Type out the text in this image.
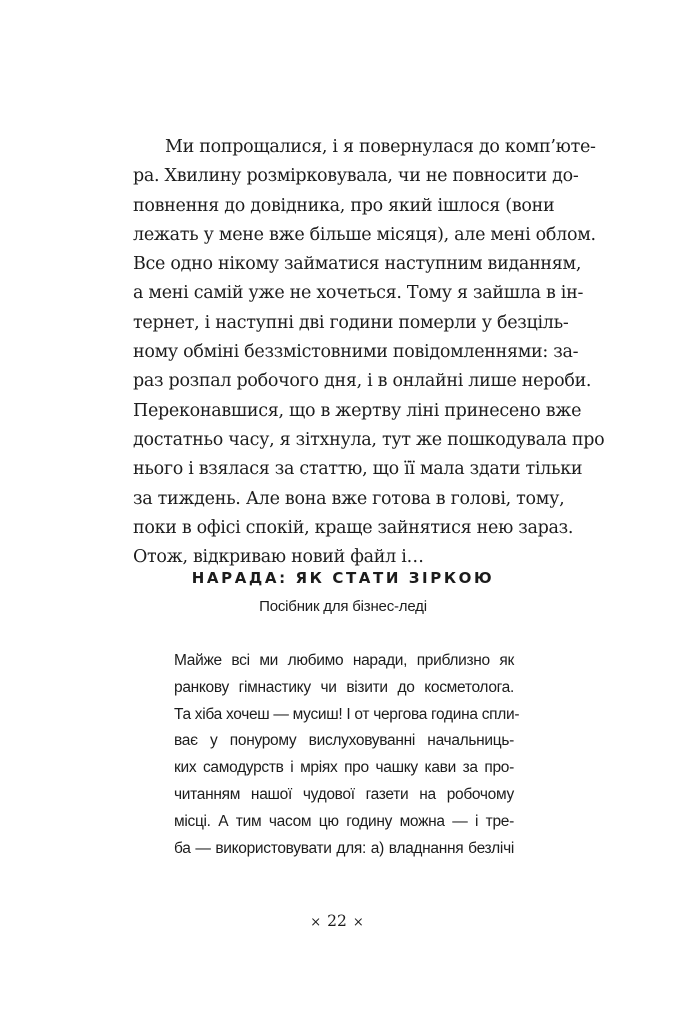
Ми попрощалися, і я повернулася до комп’юте-
ра. Хвилину розмірковувала, чи не повносити до-
повнення до довідника, про який ішлося (вони
лежать у мене вже більше місяця), але мені облом.
Все одно нікому займатися наступним виданням,
а мені самій уже не хочеться. Тому я зайшла в ін-
тернет, і наступні дві години померли у безціль-
ному обміні беззмістовними повідомленнями: за-
раз розпал робочого дня, і в онлайні лише нероби.
Переконавшися, що в жертву ліні принесено вже
достатньо часу, я зітхнула, тут же пошкодувала про
нього і взялася за статтю, що її мала здати тільки
за тиждень. Але вона вже готова в голові, тому,
поки в офісі спокій, краще зайнятися нею зараз.
Отож, відкриваю новий файл і…
НАРАДА: ЯК СТАТИ ЗІРКОЮ
Посібник для бізнес-леді
Майже всі ми любимо наради, приблизно як
ранкову гімнастику чи візити до косметолога.
Та хіба хочеш — мусиш! І от чергова година спли-
ває у понурому вислуховуванні начальниць-
ких самодурств і мріях про чашку кави за про-
читанням нашої чудової газети на робочому
місці. А тим часом цю годину можна — і тре-
ба — використовувати для: а) владнання безлічі
× 22 ×
